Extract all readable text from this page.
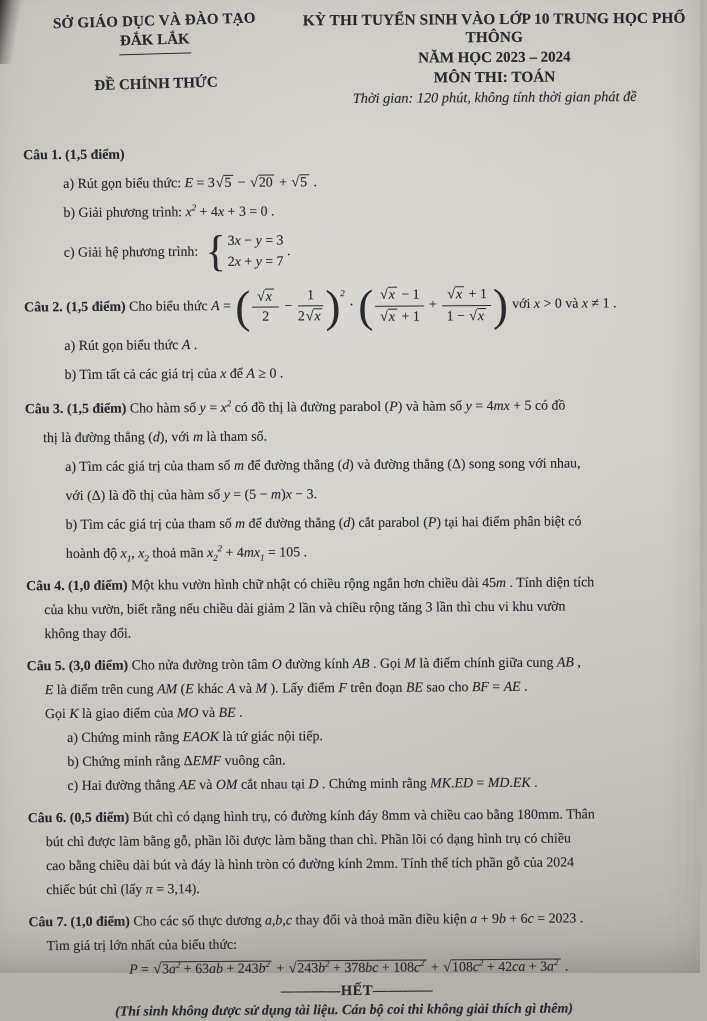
SỞ GIÁO DỤC VÀ ĐÀO TẠO
ĐẮK LẮK
ĐỀ CHÍNH THỨC
KỲ THI TUYỂN SINH VÀO LỚP 10 TRUNG HỌC PHỔ THÔNG
NĂM HỌC 2023 – 2024
MÔN THI: TOÁN
Thời gian: 120 phút, không tính thời gian phát đề
Câu 1. (1,5 điểm)
a) Rút gọn biểu thức: E = 3 √ 5 − √ 20 + √ 5 .
b) Giải phương trình: $x^2 + 4x + 3 = 0$ .
c) Giải hệ phương trình: { 3x − y = 3
2x + y = 7
.
Câu 2. (1,5 điểm) Cho biểu thức A = ( $\frac{√ x}{2} - \frac{1}{2 √ x}$ ) 2
· ( $\frac{√ x - 1}{√ x + 1} + \frac{√ x + 1}{1 - √ x}$ ) với x > 0 và x ≠ 1 .
a) Rút gọn biểu thức A .
b) Tìm tất cả các giá trị của x để A ≥ 0 .
Câu 3. (1,5 điểm) Cho hàm số $y = x^2$ có đồ thị là đường parabol (P) và hàm số y = 4mx + 5 có đồ
thị là đường thẳng (d), với m là tham số.
a) Tìm các giá trị của tham số m để đường thẳng (d) và đường thẳng (Δ) song song với nhau,
với (Δ) là đồ thị của hàm số y = (5 − m)x − 3.
b) Tìm các giá trị của tham số m để đường thẳng (d) cắt parabol (P) tại hai điểm phân biệt có
hoành độ $x_1$, $x_2$ thoả mãn $x_2^2 + 4mx_1 = 105$ .
Câu 4. (1,0 điểm) Một khu vườn hình chữ nhật có chiều rộng ngắn hơn chiều dài 45m . Tính diện tích
của khu vườn, biết rằng nếu chiều dài giảm 2 lần và chiều rộng tăng 3 lần thì chu vi khu vườn
không thay đổi.
Câu 5. (3,0 điểm) Cho nửa đường tròn tâm O đường kính AB . Gọi M là điểm chính giữa cung AB ,
E là điểm trên cung AM (E khác A và M ). Lấy điểm F trên đoạn BE sao cho BF = AE .
Gọi K là giao điểm của MO và BE .
a) Chứng minh rằng EAOK là tứ giác nội tiếp.
b) Chứng minh rằng ΔEMF vuông cân.
c) Hai đường thẳng AE và OM cắt nhau tại D . Chứng minh rằng MK.ED = MD.EK .
Câu 6. (0,5 điểm) Bút chì có dạng hình trụ, có đường kính đáy 8mm và chiều cao bằng 180mm. Thân
bút chì được làm bằng gỗ, phần lõi được làm bằng than chì. Phần lõi có dạng hình trụ có chiều
cao bằng chiều dài bút và đáy là hình tròn có đường kính 2mm. Tính thể tích phần gỗ của 2024
chiếc bút chì (lấy π = 3,14).
Câu 7. (1,0 điểm) Cho các số thực dương a,b,c thay đổi và thoả mãn điều kiện a + 9b + 6c = 2023 .
Tìm giá trị lớn nhất của biểu thức:
P = √ $3a^2 + 63ab + 243b^2$ + √ $243b^2 + 378bc + 108c^2$ + √ $108c^2 + 42ca + 3a^2$ .
————HẾT————
(Thí sinh không được sử dụng tài liệu. Cán bộ coi thi không giải thích gì thêm)
